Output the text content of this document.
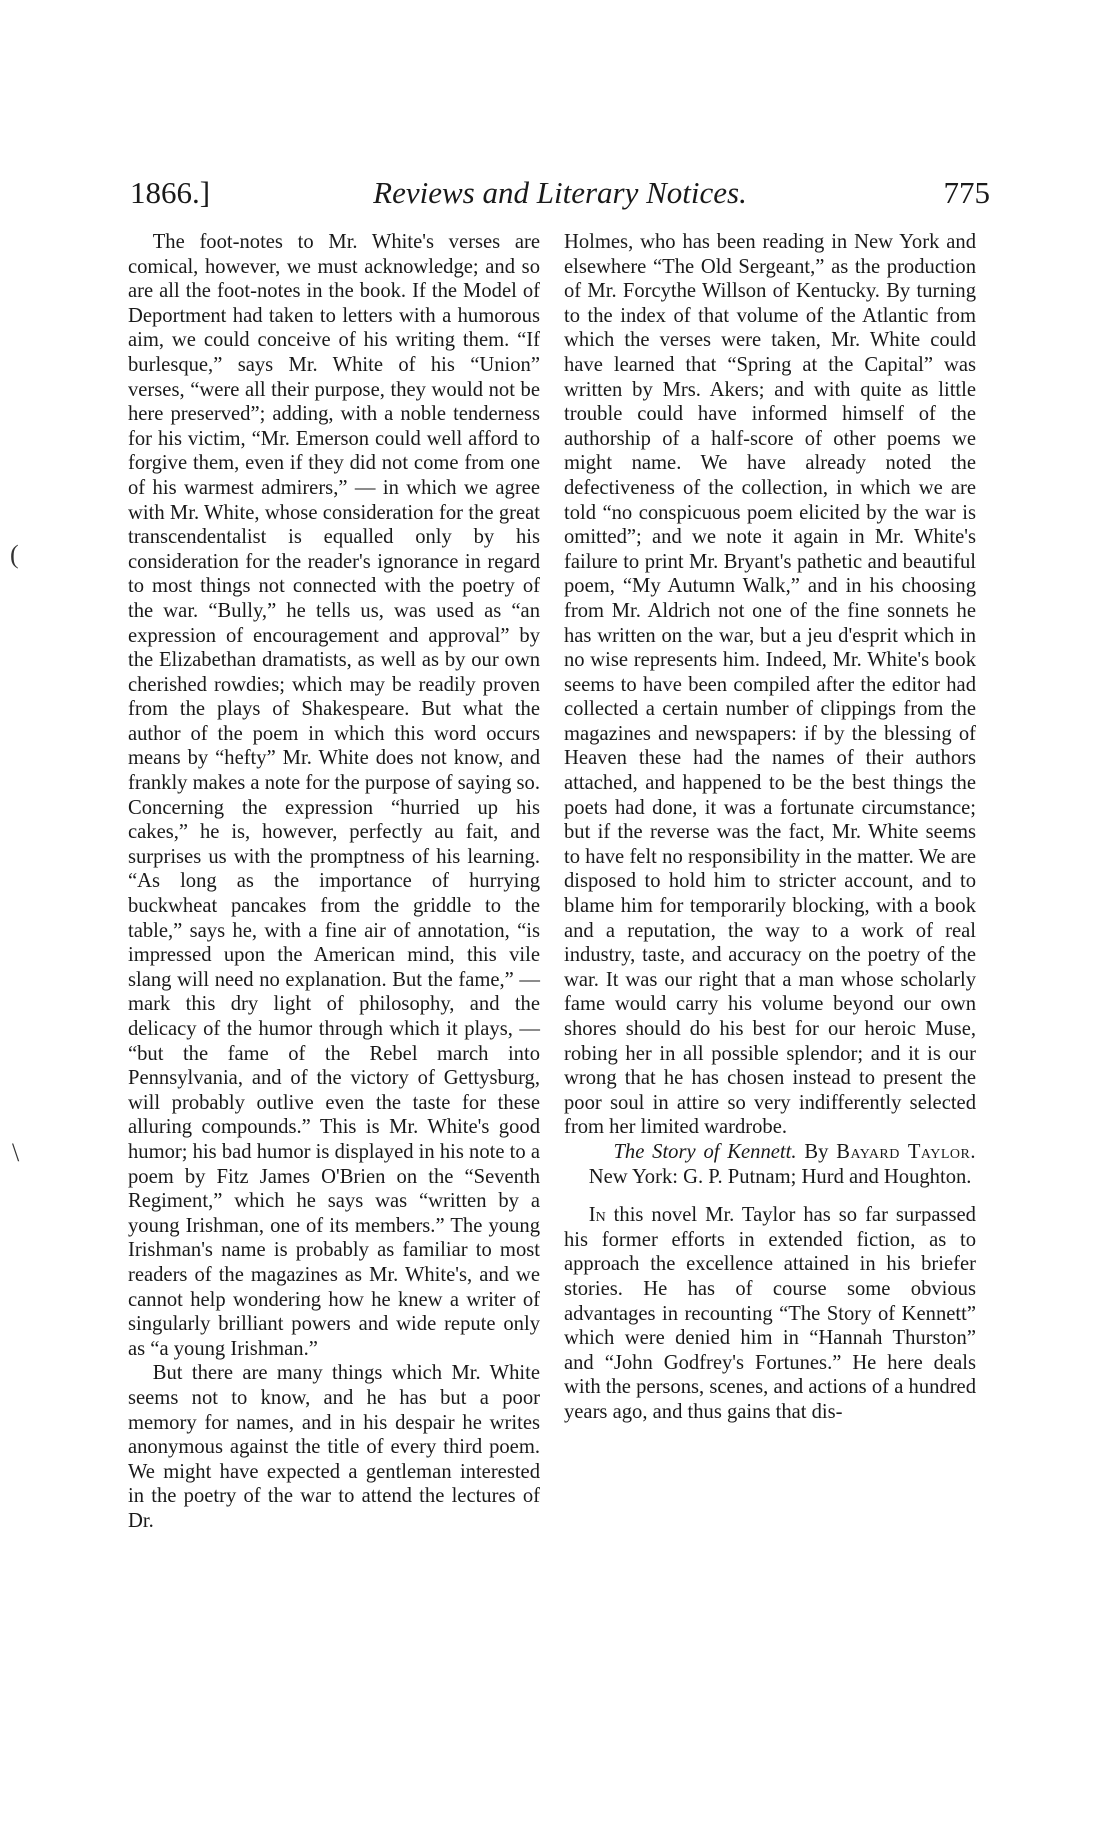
1866.]	Reviews and Literary Notices.	775
(
\

The foot-notes to Mr. White's verses are comical, however, we must acknowledge; and so are all the foot-notes in the book. If the Model of Deportment had taken to letters with a humorous aim, we could conceive of his writing them. “If burlesque,” says Mr. White of his “Union” verses, “were all their purpose, they would not be here preserved”; adding, with a noble tenderness for his victim, “Mr. Emerson could well afford to forgive them, even if they did not come from one of his warmest admirers,” — in which we agree with Mr. White, whose consideration for the great transcendentalist is equalled only by his consideration for the reader's ignorance in regard to most things not connected with the poetry of the war. “Bully,” he tells us, was used as “an expression of encouragement and approval” by the Elizabethan dramatists, as well as by our own cherished rowdies; which may be readily proven from the plays of Shakespeare. But what the author of the poem in which this word occurs means by “hefty” Mr. White does not know, and frankly makes a note for the purpose of saying so. Concerning the expression “hurried up his cakes,” he is, however, perfectly au fait, and surprises us with the promptness of his learning. “As long as the importance of hurrying buckwheat pancakes from the griddle to the table,” says he, with a fine air of annotation, “is impressed upon the American mind, this vile slang will need no explanation. But the fame,” — mark this dry light of philosophy, and the delicacy of the humor through which it plays, — “but the fame of the Rebel march into Pennsylvania, and of the victory of Gettysburg, will probably outlive even the taste for these alluring compounds.” This is Mr. White's good humor; his bad humor is displayed in his note to a poem by Fitz James O'Brien on the “Seventh Regiment,” which he says was “written by a young Irishman, one of its members.” The young Irishman's name is probably as familiar to most readers of the magazines as Mr. White's, and we cannot help wondering how he knew a writer of singularly brilliant powers and wide repute only as “a young Irishman.”

But there are many things which Mr. White seems not to know, and he has but a poor memory for names, and in his despair he writes anonymous against the title of every third poem. We might have expected a gentleman interested in the poetry of the war to attend the lectures of Dr.

Holmes, who has been reading in New York and elsewhere “The Old Sergeant,” as the production of Mr. Forcythe Willson of Kentucky. By turning to the index of that volume of the Atlantic from which the verses were taken, Mr. White could have learned that “Spring at the Capital” was written by Mrs. Akers; and with quite as little trouble could have informed himself of the authorship of a half-score of other poems we might name. We have already noted the defectiveness of the collection, in which we are told “no conspicuous poem elicited by the war is omitted”; and we note it again in Mr. White's failure to print Mr. Bryant's pathetic and beautiful poem, “My Autumn Walk,” and in his choosing from Mr. Aldrich not one of the fine sonnets he has written on the war, but a jeu d'esprit which in no wise represents him. Indeed, Mr. White's book seems to have been compiled after the editor had collected a certain number of clippings from the magazines and newspapers: if by the blessing of Heaven these had the names of their authors attached, and happened to be the best things the poets had done, it was a fortunate circumstance; but if the reverse was the fact, Mr. White seems to have felt no responsibility in the matter. We are disposed to hold him to stricter account, and to blame him for temporarily blocking, with a book and a reputation, the way to a work of real industry, taste, and accuracy on the poetry of the war. It was our right that a man whose scholarly fame would carry his volume beyond our own shores should do his best for our heroic Muse, robing her in all possible splendor; and it is our wrong that he has chosen instead to present the poor soul in attire so very indifferently selected from her limited wardrobe.

The Story of Kennett. By Bayard Taylor. New York: G. P. Putnam; Hurd and Houghton.

In this novel Mr. Taylor has so far surpassed his former efforts in extended fiction, as to approach the excellence attained in his briefer stories. He has of course some obvious advantages in recounting “The Story of Kennett” which were denied him in “Hannah Thurston” and “John Godfrey's Fortunes.” He here deals with the persons, scenes, and actions of a hundred years ago, and thus gains that dis-
